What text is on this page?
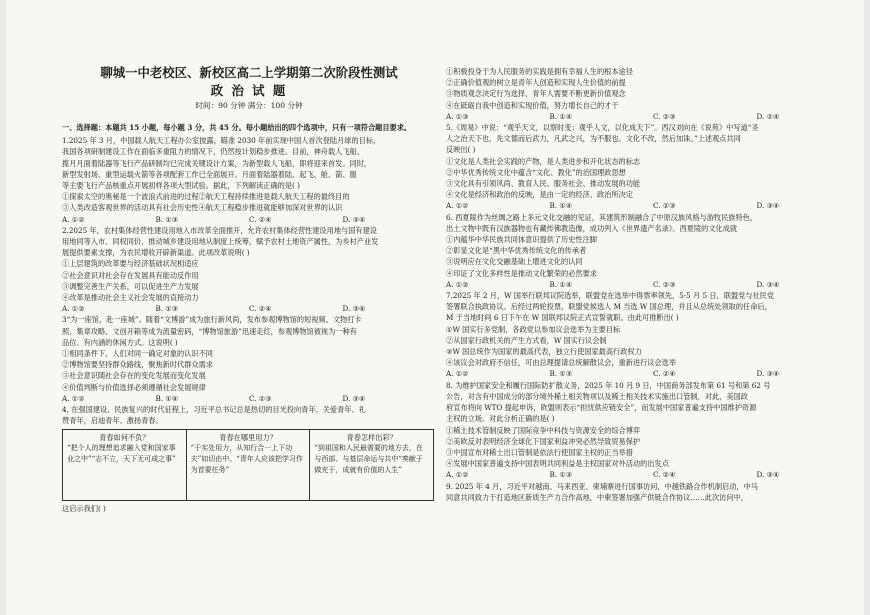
聊城一中老校区、新校区高二上学期第二次阶段性测试

政 治 试 题

时间：90 分钟 满分：100 分钟

一、选择题：本题共 15 小题，每小题 3 分，共 45 分。每小题给出的四个选项中，只有一项符合题目要求。

1.2025 年 3 月，中国载人航天工程办公室披露，瞄准 2030 年前实现中国人首次登陆月球的目标，

我国各项研制建设工作在面临多重阻力的情况下，仍然按计划稳步推进。目前，神舟载人飞船、

揽月月面着陆器等飞行产品研制均已完成关键设计方案，为新型载人飞船，即将迎来首发。同时，

新型发射场、重型运载火箭等各项配套工作已全面展开。月面着陆器着陆、起飞、舱、箭、服

等主要飞行产品核重点开展初样各项大型试验。据此，下列解读正确的是( )

①探索太空的奥秘是一个波浪式前进的过程②航天工程持续推进是载人航天工程的最终目的

③人类改造客观世界的活动具有社会历史性④航天工程稳步推进就能够加深对世界的认识

A. ①②	B. ①③	C. ②④	D. ③④

2.2025 年，农村集体经营性建设用地入市改革全面推开，允许农村集体经营性建设用地与国有建设

用地同等入市、同权同价，推动城乡建设用地从制度上统筹，赋予农村土地资产属性，为乡村产业发

展提供要素支撑，为农民增收开辟新渠道。此项改革说明( )

①上层建筑的改革要与经济基础状况相适应

②社会意识对社会存在发展具有能动反作用

③调整完善生产关系，可以促进生产力发展

④改革是推动社会主义社会发展的直接动力

A. ①②	B. ①③	C. ②④	D. ③④

3“为一座馆，赴一座城”。随着“文博游”成为旅行新风尚，发布参观博物馆的短视频、文物打卡

照、集章攻略、文创开箱等成为流量密码，“博物馆旅游”迅速走红，参观博物馆被视为一种有

品位、有内涵的休闲方式。这说明( )

①相同条件下，人们对同一确定对象的认识不同

②博物馆要坚持群众路线，聚焦新时代群众需求

③社会意识随社会存在的变化发展而变化发展

④价值判断与价值选择必须遵循社会发展规律

A. ①②	B. ①④	C. ②③	D. ③④

4. 在强国建设、民族复兴的时代征程上，习近平总书记总是热切的目光投向青年。关爱青年、礼

赞青年，启迪青年、激扬青春。

青春如何不负？
“把个人的理想追求融入党和国家事业之中”“志不立，天下无可成之事”
青春在哪里用力？
“于实处用力，从知行合一上下功夫”如切由中。“青年人应该把学习作为首要任务”
青春怎样出彩？
“到祖国和人民最需要的地方去，在与西部、与基层命运与共中“奏献于做充于，成就有价值的人生”

这启示我们( )

①积极投身于为人民服务的实践是拥有幸福人生的根本途径

②正确价值观的树立是青年人创造和实现人生价值的前提

③物质观念决定行为选择，青年人需要不断更新价值观念

④在砥砺自我中创造和实现价值，努力增长自己的才干

A. ①③	B. ①④	C. ②③	D. ②④

5.《周易》中说：“观乎天文，以察时变；观乎人文，以化成天下”。西汉刘向在《说苑》中写道“圣

人之治天下也，先文德而后武力，凡武之兴，为不服也。文化不改，然后加诛。”上述观点共同

反映出( )

①文化是人类社会实践的产物，是人类进步和开化状态的标志

②中华优秀传统文化中蕴含“文化、教化”的治国理政思想

③文化具有引领风尚、教育人民、服务社会、推动发展的功能

④文化是经济和政治的反映，是由一定的经济、政治所决定

A. ①②	B. ①④	C. ②③	D. ③④

6. 西夏陵作为丝绸之路上多元文化交融的见证，其建筑形制融合了中原汉族风格与游牧民族特色，

出土文物中既有汉族器物也有藏传佛教造像，成功列入《世界遗产名录》。西夏陵的文化成就

①内蕴华中华民族共同体意识提供了历史性注脚

②彰显文化是“黑中华优秀传统文化的传承者

③说明应在文化交融基础上增进文化的认同

④印证了文化多样性是推动文化繁荣的必然要求

A. ①②	B. ①④	C. ②③	D. ③④

7.2025 年 2 月，W 国举行联邦议院选举，联盟党在选举中得票率领先，5-5 月 5 日，联盟党与社民党

签署联合执政协议。后经过两轮投票，联盟党候选人 M 当选 W 国总理，并且从总统处领取的任命后，

M 于当地时间 6 日下午在 W 国联邦议院正式宣誓就职。由此可推断出( )

①W 国实行多党制，各政党以参加议会选举为主要目标

②从国家行政机关的产生方式看，W 国实行议会制

③W 国总统作为国家的最高代表，独立行使国家最高行政权力

④该议会对政府不信任，可由总理提请总统解散议会，重新进行议会选举

A. ①②	B. ①③	C. ②④	D. ③④

8. 为维护国家安全和履行国际防扩散义务，2025 年 10 月 9 日，中国商务部发布第 61 号和第 62 号

公告，对含有中国成分的部分境外稀土相关物项以及稀土相关技术实施出口管制，对此，美国政

府宣布将向 WTO 提起申诉，欧盟则表示“担忧供应链安全”，而发展中国家普遍支持中国维护资源

主权的立场。对此分析正确的是( )

①稀土技术管制反映了国际竞争中科技与资源安全的综合博弈

②美欧反对表明经济全球化下国家利益冲突必然导致贸易保护

③中国宣布对稀土出口管制是依法行使国家主权的正当举措

④发展中国家普遍支持中国表明共同利益是主权国家对外活动的出发点

A. ①②	B. ①③	C. ②④	D. ③④

9. 2025 年 4 月，习近平对越南、马来西亚、柬埔寨进行国事访问，中越铁路合作机制启动，中马

同意共同致力于打造地区新质生产力合作高地，中柬签署加强产供链合作协议……此次访问中，
